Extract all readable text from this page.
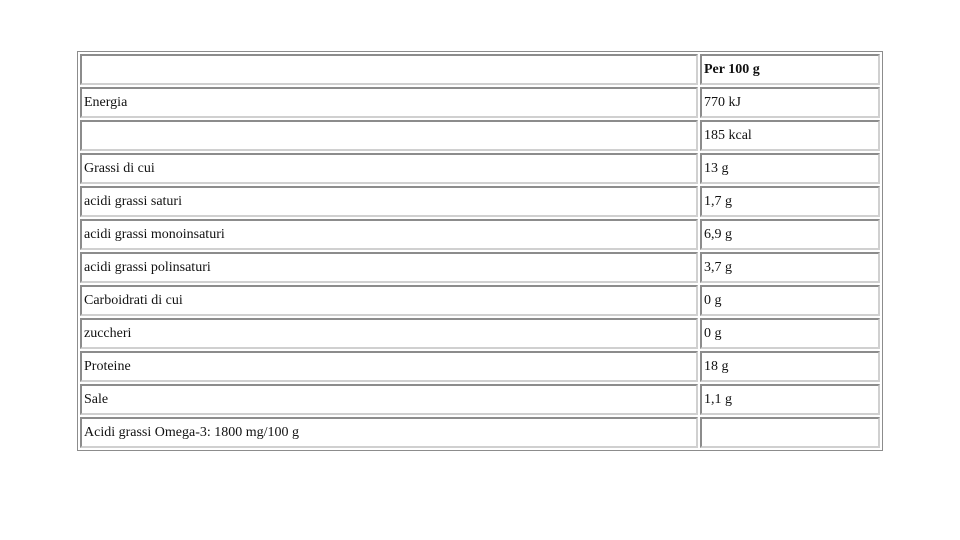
	Per 100 g
Energia	770 kJ
	185 kcal
Grassi di cui	13 g
acidi grassi saturi	1,7 g
acidi grassi monoinsaturi	6,9 g
acidi grassi polinsaturi	3,7 g
Carboidrati di cui	0 g
zuccheri	0 g
Proteine	18 g
Sale	1,1 g
Acidi grassi Omega-3: 1800 mg/100 g	
